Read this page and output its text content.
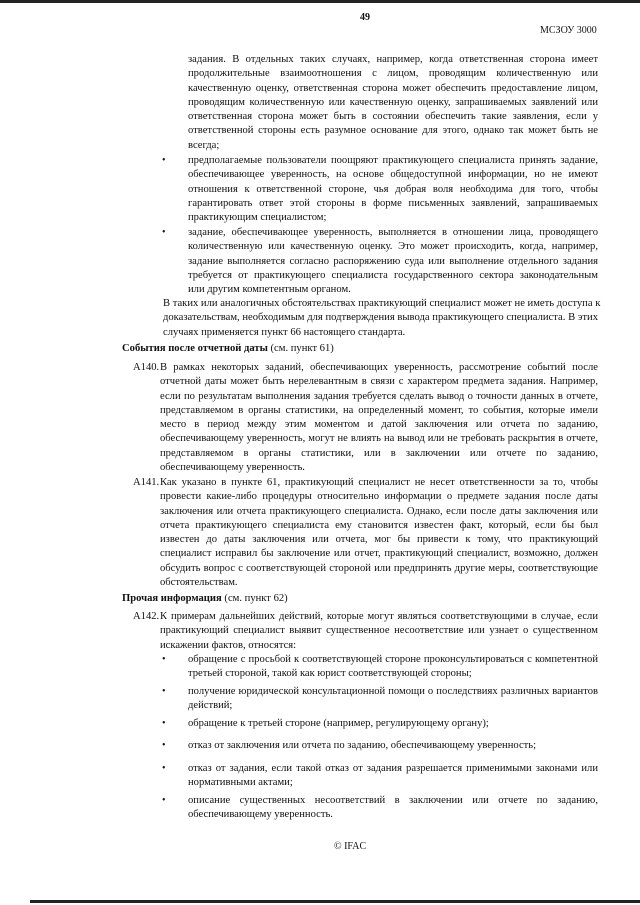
49
МСЗОУ 3000
задания. В отдельных таких случаях, например, когда ответственная сторона имеет
продолжительные взаимоотношения с лицом, проводящим количественную или
качественную оценку, ответственная сторона может обеспечить предоставление лицом,
проводящим количественную или качественную оценку, запрашиваемых заявлений или
ответственная сторона может быть в состоянии обеспечить такие заявления, если у
ответственной стороны есть разумное основание для этого, однако так может быть не
всегда;
предполагаемые пользователи поощряют практикующего специалиста принять задание,
обеспечивающее уверенность, на основе общедоступной информации, но не имеют
отношения к ответственной стороне, чья добрая воля необходима для того, чтобы
гарантировать ответ этой стороны в форме письменных заявлений, запрашиваемых
практикующим специалистом;
•
задание, обеспечивающее уверенность, выполняется в отношении лица, проводящего
количественную или качественную оценку. Это может происходить, когда, например,
задание выполняется согласно распоряжению суда или выполнение отдельного задания
требуется от практикующего специалиста государственного сектора законодательным
или другим компетентным органом.
•
В таких или аналогичных обстоятельствах практикующий специалист может не иметь доступа к
доказательствам, необходимым для подтверждения вывода практикующего специалиста. В этих
случаях применяется пункт 66 настоящего стандарта.
В рамках некоторых заданий, обеспечивающих уверенность, рассмотрение событий после
отчетной даты может быть нерелевантным в связи с характером предмета задания. Например,
если по результатам выполнения задания требуется сделать вывод о точности данных в отчете,
представляемом в органы статистики, на определенный момент, то события, которые имели
место в период между этим моментом и датой заключения или отчета по заданию,
обеспечивающему уверенность, могут не влиять на вывод или не требовать раскрытия в отчете,
представляемом в органы статистики, или в заключении или отчете по заданию,
обеспечивающему уверенность.
A140.
Как указано в пункте 61, практикующий специалист не несет ответственности за то, чтобы
провести какие-либо процедуры относительно информации о предмете задания после даты
заключения или отчета практикующего специалиста. Однако, если после даты заключения или
отчета практикующего специалиста ему становится известен факт, который, если бы был
известен до даты заключения или отчета, мог бы привести к тому, что практикующий
специалист исправил бы заключение или отчет, практикующий специалист, возможно, должен
обсудить вопрос с соответствующей стороной или предпринять другие меры, соответствующие
обстоятельствам.
A141.
К примерам дальнейших действий, которые могут являться соответствующими в случае, если
практикующий специалист выявит существенное несоответствие или узнает о существенном
искажении фактов, относятся:
A142.
обращение с просьбой к соответствующей стороне проконсультироваться с компетентной
третьей стороной, такой как юрист соответствующей стороны;
•
получение юридической консультационной помощи о последствиях различных вариантов
действий;
•
обращение к третьей стороне (например, регулирующему органу);
•
отказ от заключения или отчета по заданию, обеспечивающему уверенность;
•
отказ от задания, если такой отказ от задания разрешается применимыми законами или
нормативными актами;
•
описание существенных несоответствий в заключении или отчете по заданию,
обеспечивающему уверенность.
•
События после отчетной даты (см. пункт 61)
Прочая информация (см. пункт 62)
© IFAC
